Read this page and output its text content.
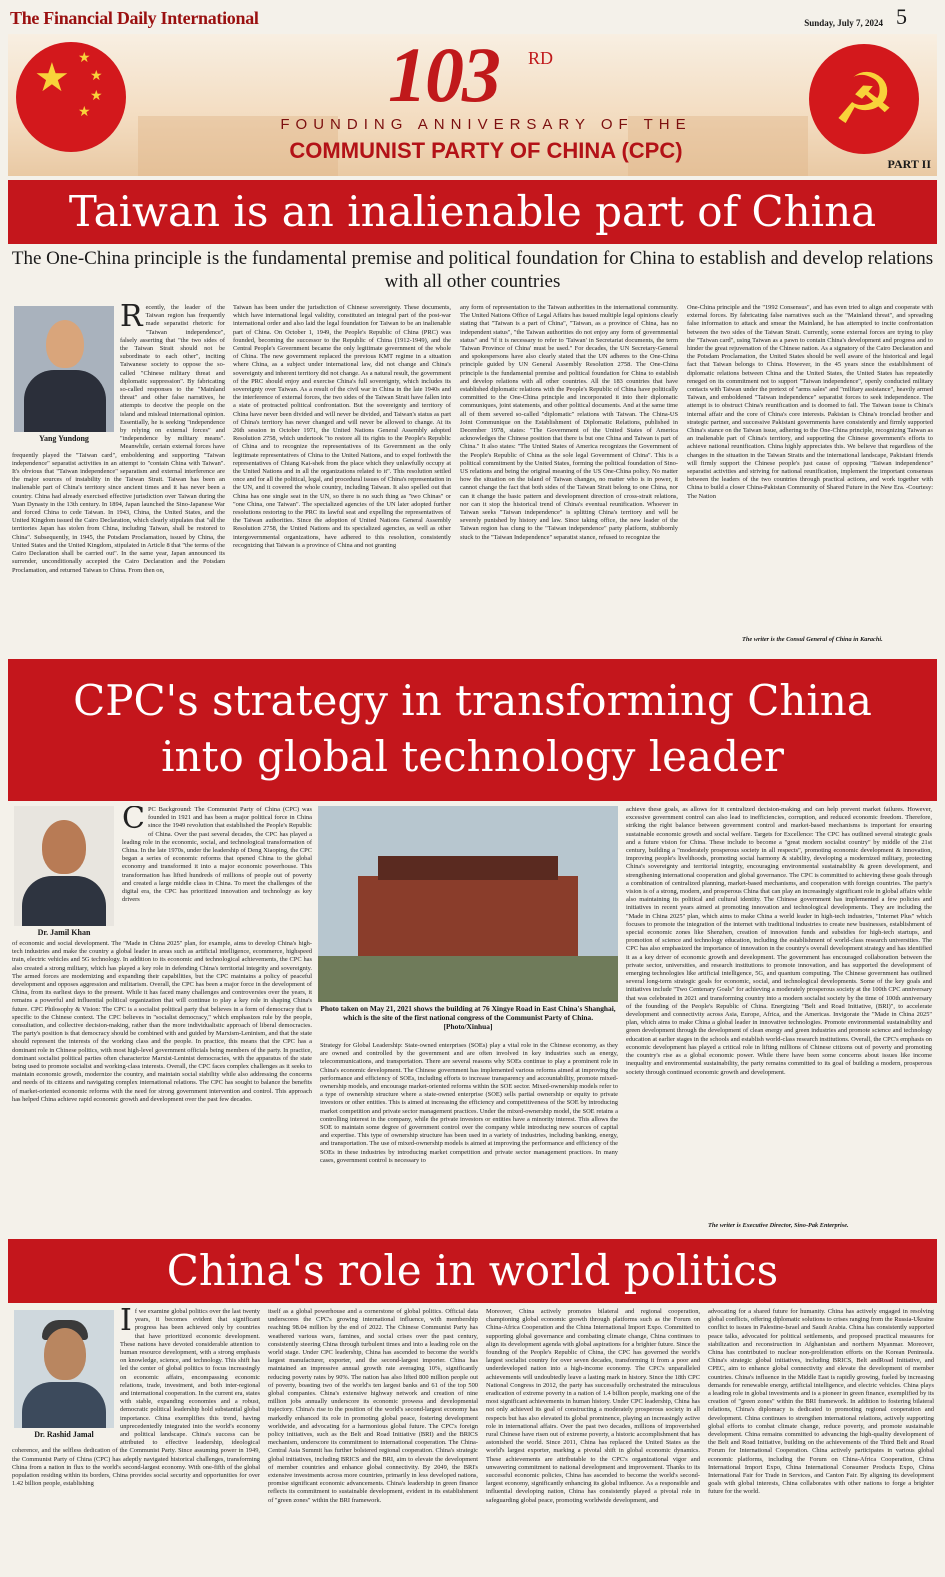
The Financial Daily International	Sunday, July 7, 2024 5
★ ★
★
★
★	103 RD
FOUNDING ANNIVERSARY OF THE
COMMUNIST PARTY OF CHINA (CPC)
☭
PART II
Taiwan is an inalienable part of China
The One-China principle is the fundamental premise and political foundation for China to establish and develop relations with all other countries
Yang Yundong
R ecently, the leader of the Taiwan region has frequently made separatist rhetoric for "Taiwan independence", falsely asserting that "the two sides of the Taiwan Strait should not be subordinate to each other", inciting Taiwanese society to oppose the so-called "Chinese military threat and diplomatic suppression". By fabricating so-called responses to the "Mainland threat" and other false narratives, he attempts to deceive the people on the island and mislead international opinion. Essentially, he is seeking "independence by relying on external forces" and "independence by military means". Meanwhile, certain external forces have frequently played the "Taiwan card", emboldening and supporting "Taiwan independence" separatist activities in an attempt to "contain China with Taiwan". It's obvious that "Taiwan independence" separatism and external interference are the major sources of instability in the Taiwan Strait. Taiwan has been an inalienable part of China's territory since ancient times and it has never been a country. China had already exercised effective jurisdiction over Taiwan during the Yuan Dynasty in the 13th century. In 1894, Japan launched the Sino-Japanese War and forced China to cede Taiwan. In 1943, China, the United States, and the United Kingdom issued the Cairo Declaration, which clearly stipulates that "all the territories Japan has stolen from China, including Taiwan, shall be restored to China". Subsequently, in 1945, the Potsdam Proclamation, issued by China, the United States and the United Kingdom, stipulated in Article 8 that "the terms of the Cairo Declaration shall be carried out". In the same year, Japan announced its surrender, unconditionally accepted the Cairo Declaration and the Potsdam Proclamation, and returned Taiwan to China. From then on,
Taiwan has been under the jurisdiction of Chinese sovereignty. These documents, which have international legal validity, constituted an integral part of the post-war international order and also laid the legal foundation for Taiwan to be an inalienable part of China. On October 1, 1949, the People's Republic of China (PRC) was founded, becoming the successor to the Republic of China (1912-1949), and the Central People's Government became the only legitimate government of the whole of China. The new government replaced the previous KMT regime in a situation where China, as a subject under international law, did not change and China's sovereignty and inherent territory did not change. As a natural result, the government of the PRC should enjoy and exercise China's full sovereignty, which includes its sovereignty over Taiwan. As a result of the civil war in China in the late 1940s and the interference of external forces, the two sides of the Taiwan Strait have fallen into a state of protracted political confrontation. But the sovereignty and territory of China have never been divided and will never be divided, and Taiwan's status as part of China's territory has never changed and will never be allowed to change. At its 26th session in October 1971, the United Nations General Assembly adopted Resolution 2758, which undertook "to restore all its rights to the People's Republic of China and to recognize the representatives of its Government as the only legitimate representatives of China to the United Nations, and to expel forthwith the representatives of Chiang Kai-shek from the place which they unlawfully occupy at the United Nations and in all the organizations related to it". This resolution settled once and for all the political, legal, and procedural issues of China's representation in the UN, and it covered the whole country, including Taiwan. It also spelled out that China has one single seat in the UN, so there is no such thing as "two Chinas" or "one China, one Taiwan". The specialized agencies of the UN later adopted further resolutions restoring to the PRC its lawful seat and expelling the representatives of the Taiwan authorities. Since the adoption of United Nations General Assembly Resolution 2758, the United Nations and its specialized agencies, as well as other intergovernmental organizations, have adhered to this resolution, consistently recognizing that Taiwan is a province of China and not granting
any form of representation to the Taiwan authorities in the international community. The United Nations Office of Legal Affairs has issued multiple legal opinions clearly stating that "Taiwan is a part of China", "Taiwan, as a province of China, has no independent status", "the Taiwan authorities do not enjoy any form of governmental status" and "if it is necessary to refer to 'Taiwan' in Secretariat documents, the term 'Taiwan Province of China' must be used." For decades, the UN Secretary-General and spokespersons have also clearly stated that the UN adheres to the One-China principle guided by UN General Assembly Resolution 2758. The One-China principle is the fundamental premise and political foundation for China to establish and develop relations with all other countries. All the 183 countries that have established diplomatic relations with the People's Republic of China have politically committed to the One-China principle and incorporated it into their diplomatic communiques, joint statements, and other political documents. And at the same time all of them severed so-called "diplomatic" relations with Taiwan. The China-US Joint Communique on the Establishment of Diplomatic Relations, published in December 1978, states: "The Government of the United States of America acknowledges the Chinese position that there is but one China and Taiwan is part of China." It also states: "The United States of America recognizes the Government of the People's Republic of China as the sole legal Government of China". This is a political commitment by the United States, forming the political foundation of Sino-US relations and being the original meaning of the US One-China policy. No matter how the situation on the island of Taiwan changes, no matter who is in power, it cannot change the fact that both sides of the Taiwan Strait belong to one China, nor can it change the basic pattern and development direction of cross-strait relations, nor can it stop the historical trend of China's eventual reunification. Whoever in Taiwan seeks "Taiwan independence" is splitting China's territory and will be severely punished by history and law. Since taking office, the new leader of the Taiwan region has clung to the "Taiwan independence" party platform, stubbornly stuck to the "Taiwan Independence" separatist stance, refused to recognize the
One-China principle and the "1992 Consensus", and has even tried to align and cooperate with external forces. By fabricating false narratives such as the "Mainland threat", and spreading false information to attack and smear the Mainland, he has attempted to incite confrontation between the two sides of the Taiwan Strait. Currently, some external forces are trying to play the "Taiwan card", using Taiwan as a pawn to contain China's development and progress and to hinder the great rejuvenation of the Chinese nation. As a signatory of the Cairo Declaration and the Potsdam Proclamation, the United States should be well aware of the historical and legal fact that Taiwan belongs to China. However, in the 45 years since the establishment of diplomatic relations between China and the United States, the United States has repeatedly reneged on its commitment not to support "Taiwan independence", openly conducted military contacts with Taiwan under the pretext of "arms sales" and "military assistance", heavily armed Taiwan, and emboldened "Taiwan independence" separatist forces to seek independence. The attempt is to obstruct China's reunification and is doomed to fail. The Taiwan issue is China's internal affair and the core of China's core interests. Pakistan is China's ironclad brother and strategic partner, and successive Pakistani governments have consistently and firmly supported China's stance on the Taiwan issue, adhering to the One-China principle, recognizing Taiwan as an inalienable part of China's territory, and supporting the Chinese government's efforts to achieve national reunification. China highly appreciates this. We believe that regardless of the changes in the situation in the Taiwan Straits and the international landscape, Pakistani friends will firmly support the Chinese people's just cause of opposing "Taiwan independence" separatist activities and striving for national reunification, implement the important consensus between the leaders of the two countries through practical actions, and work together with China to build a closer China-Pakistan Community of Shared Future in the New Era. -Courtesy: The Nation
The writer is the Consul General of China in Karachi.
CPC's strategy in transforming China
into global technology leader
Dr. Jamil Khan
C PC Background: The Communist Party of China (CPC) was founded in 1921 and has been a major political force in China since the 1949 revolution that established the People's Republic of China. Over the past several decades, the CPC has played a leading role in the economic, social, and technological transformation of China. In the late 1970s, under the leadership of Deng Xiaoping, the CPC began a series of economic reforms that opened China to the global economy and transformed it into a major economic powerhouse. This transformation has lifted hundreds of millions of people out of poverty and created a large middle class in China. To meet the challenges of the digital era, the CPC has prioritized innovation and technology as key drivers
of economic and social development. The "Made in China 2025" plan, for example, aims to develop China's high-tech industries and make the country a global leader in areas such as artificial intelligence, ecommerce, highspeed train, electric vehicles and 5G technology. In addition to its economic and technological achievements, the CPC has also created a strong military, which has played a key role in defending China's territorial integrity and sovereignty. The armed forces are modernizing and expanding their capabilities, but the CPC maintains a policy of peaceful development and opposes aggression and militarism. Overall, the CPC has been a major force in the development of China, from its earliest days to the present. While it has faced many challenges and controversies over the years, it remains a powerful and influential political organization that will continue to play a key role in shaping China's future. CPC Philosophy & Vision: The CPC is a socialist political party that believes in a form of democracy that is specific to the Chinese context. The CPC believes in "socialist democracy," which emphasizes rule by the people, consultation, and collective decision-making, rather than the more individualistic approach of liberal democracies. The party's position is that democracy should be combined with and guided by Marxism-Leninism, and that the state should represent the interests of the working class and the people. In practice, this means that the CPC has a dominant role in Chinese politics, with most high-level government officials being members of the party. In practice, dominant socialist political parties often characterize Marxist-Leninist democracies, with the apparatus of the state being used to promote socialist and working-class interests. Overall, the CPC faces complex challenges as it seeks to maintain economic growth, modernize the country, and maintain social stability while also addressing the concerns and needs of its citizens and navigating complex international relations. The CPC has sought to balance the benefits of market-oriented economic reforms with the need for strong government intervention and control. This approach has helped China achieve rapid economic growth and development over the past few decades.
Photo taken on May 21, 2021 shows the building at 76 Xingye Road in East China's Shanghai, which is the site of the first national congress of the Communist Party of China. [Photo/Xinhua]
Strategy for Global Leadership: State-owned enterprises (SOEs) play a vital role in the Chinese economy, as they are owned and controlled by the government and are often involved in key industries such as energy, telecommunications, and transportation. There are several reasons why SOEs continue to play a prominent role in China's economic development. The Chinese government has implemented various reforms aimed at improving the performance and efficiency of SOEs, including efforts to increase transparency and accountability, promote mixed-ownership models, and encourage market-oriented reforms within the SOE sector. Mixed-ownership models refer to a type of ownership structure where a state-owned enterprise (SOE) sells partial ownership or equity to private investors or other entities. This is aimed at increasing the efficiency and competitiveness of the SOE by introducing market competition and private sector management practices. Under the mixed-ownership model, the SOE retains a controlling interest in the company, while the private investors or entities have a minority interest. This allows the SOE to maintain some degree of government control over the company while introducing new sources of capital and expertise. This type of ownership structure has been used in a variety of industries, including banking, energy, and transportation. The use of mixed-ownership models is aimed at improving the performance and efficiency of the SOEs in these industries by introducing market competition and private sector management practices. In many cases, government control is necessary to
achieve these goals, as allows for it centralized decision-making and can help prevent market failures. However, excessive government control can also lead to inefficiencies, corruption, and reduced economic freedom. Therefore, striking the right balance between government control and market-based mechanisms is important for ensuring sustainable economic growth and social welfare. Targets for Excellence: The CPC has outlined several strategic goals and a future vision for China. These include to become a "great modern socialist country" by middle of the 21st century, building a "moderately prosperous society in all respects", promoting economic development & innovation, improving people's livelihoods, promoting social harmony & stability, developing a modernized military, protecting China's sovereignty and territorial integrity, encouraging environmental sustainability & green development, and strengthening international cooperation and global governance. The CPC is committed to achieving these goals through a combination of centralized planning, market-based mechanisms, and cooperation with foreign countries. The party's vision is of a strong, modern, and prosperous China that can play an increasingly significant role in global affairs while also maintaining its political and cultural identity. The Chinese government has implemented a few policies and initiatives in recent years aimed at promoting innovation and technological developments. They are including the "Made in China 2025" plan, which aims to make China a world leader in high-tech industries, "Internet Plus" which focuses to promote the integration of the internet with traditional industries to create new businesses, establishment of special economic zones like Shenzhen, creation of innovation funds and subsidies for high-tech startups, and promotion of science and technology education, including the establishment of world-class research universities. The CPC has also emphasized the importance of innovation in the country's overall development strategy and has identified it as a key driver of economic growth and development. The government has encouraged collaboration between the private sector, universities, and research institutions to promote innovation, and has supported the development of emerging technologies like artificial intelligence, 5G, and quantum computing. The Chinese government has outlined several long-term strategic goals for economic, social, and technological developments. Some of the key goals and initiatives include "Two Centenary Goals" for achieving a moderately prosperous society at the 100th CPC anniversary that was celebrated in 2021 and transforming country into a modern socialist society by the time of 100th anniversary of the founding of the People's Republic of China. Energizing "Belt and Road Initiative, (BRI)", to accelerate development and connectivity across Asia, Europe, Africa, and the Americas. Invigorate the "Made in China 2025" plan, which aims to make China a global leader in innovative technologies. Promote environmental sustainability and green development through the development of clean energy and green industries and promote science and technology education at earlier stages in the schools and establish world-class research institutions. Overall, the CPC's emphasis on economic development has played a critical role in lifting millions of Chinese citizens out of poverty and promoting the country's rise as a global economic power. While there have been some concerns about issues like income inequality and environmental sustainability, the party remains committed to its goal of building a modern, prosperous society through continued economic growth and development.
The writer is Executive Director, Sino-Pak Enterprise.
China's role in world politics
Dr. Rashid Jamal
I f we examine global politics over the last twenty years, it becomes evident that significant progress has been achieved only by countries that have prioritized economic development. These nations have devoted considerable attention to human resource development, with a strong emphasis on knowledge, science, and technology. This shift has led the center of global politics to focus increasingly on economic affairs, encompassing economic relations, trade, investment, and both inter-regional and international cooperation. In the current era, states with stable, expanding economies and a robust, democratic political leadership hold substantial global importance. China exemplifies this trend, having unprecedentedly integrated into the world's economy and political landscape. China's success can be attributed to effective leadership, ideological coherence, and the selfless dedication of the Communist Party. Since assuming power in 1949, the Communist Party of China (CPC) has adeptly navigated historical challenges, transforming China from a nation in flux to the world's second-largest economy. With one-fifth of the global population residing within its borders, China provides social security and opportunities for over 1.42 billion people, establishing
itself as a global powerhouse and a cornerstone of global politics. Official data underscores the CPC's growing international influence, with membership reaching 98.04 million by the end of 2022. The Chinese Communist Party has weathered various wars, famines, and social crises over the past century, consistently steering China through turbulent times and into a leading role on the world stage. Under CPC leadership, China has ascended to become the world's largest manufacturer, exporter, and the second-largest importer. China has maintained an impressive annual growth rate averaging 10%, significantly reducing poverty rates by 90%. The nation has also lifted 800 million people out of poverty, boasting two of the world's ten largest banks and 61 of the top 500 global companies. China's extensive highway network and creation of nine million jobs annually underscore its economic prowess and developmental trajectory. China's rise to the position of the world's second-largest economy has markedly enhanced its role in promoting global peace, fostering development worldwide, and advocating for a harmonious global future. The CPC's foreign policy initiatives, such as the Belt and Road Initiative (BRI) and the BRICS mechanism, underscore its commitment to international cooperation. The China-Central Asia Summit has further bolstered regional cooperation. China's strategic global initiatives, including BRICS and the BRI, aim to elevate the development of member countries and enhance global connectivity. By 2049, the BRI's extensive investments across more countries, primarily in less developed nations, promise significant economic advancements. China's leadership in green finance reflects its commitment to sustainable development, evident in its establishment of "green zones" within the BRI framework.
Moreover, China actively promotes bilateral and regional cooperation, championing global economic growth through platforms such as the Forum on China-Africa Cooperation and the China International Import Expo. Committed to supporting global governance and combating climate change, China continues to align its development agenda with global aspirations for a brighter future. Since the founding of the People's Republic of China, the CPC has governed the world's largest socialist country for over seven decades, transforming it from a poor and underdeveloped nation into a high-income economy. The CPC's unparalleled achievements will undoubtedly leave a lasting mark in history. Since the 18th CPC National Congress in 2012, the party has successfully orchestrated the miraculous eradication of extreme poverty in a nation of 1.4 billion people, marking one of the most significant achievements in human history. Under CPC leadership, China has not only achieved its goal of constructing a moderately prosperous society in all respects but has also elevated its global prominence, playing an increasingly active role in international affairs. Over the past two decades, millions of impoverished rural Chinese have risen out of extreme poverty, a historic accomplishment that has astonished the world. Since 2011, China has replaced the United States as the world's largest exporter, marking a pivotal shift in global economic dynamics. These achievements are attributable to the CPC's organizational vigor and unwavering commitment to national development and improvement. Thanks to its successful economic policies, China has ascended to become the world's second-largest economy, significantly enhancing its global influence. As a responsible and influential developing nation, China has consistently played a pivotal role in safeguarding global peace, promoting worldwide development, and
advocating for a shared future for humanity. China has actively engaged in resolving global conflicts, offering diplomatic solutions to crises ranging from the Russia-Ukraine conflict to issues in Palestine-Israel and Saudi Arabia. China has consistently supported peace talks, advocated for political settlements, and proposed practical measures for stabilization and reconstruction in Afghanistan and northern Myanmar. Moreover, China has contributed to nuclear non-proliferation efforts on the Korean Peninsula. China's strategic global initiatives, including BRICS, Belt andRoad Initiative, and CPEC, aim to enhance global connectivity and elevate the development of member countries. China's influence in the Middle East is rapidly growing, fueled by increasing demands for renewable energy, artificial intelligence, and electric vehicles. China plays a leading role in global investments and is a pioneer in green finance, exemplified by its creation of "green zones" within the BRI framework. In addition to fostering bilateral relations, China's diplomacy is dedicated to promoting regional cooperation and development. China continues to strengthen international relations, actively supporting global efforts to combat climate change, reduce poverty, and promote sustainable development. China remains committed to advancing the high-quality development of the Belt and Road Initiative, building on the achievements of the Third Belt and Road Forum for International Cooperation. China actively participates in various global economic platforms, including the Forum on China-Africa Cooperation, China International Import Expo, China International Consumer Products Expo, China International Fair for Trade in Services, and Canton Fair. By aligning its development goals with global interests, China collaborates with other nations to forge a brighter future for the world.
